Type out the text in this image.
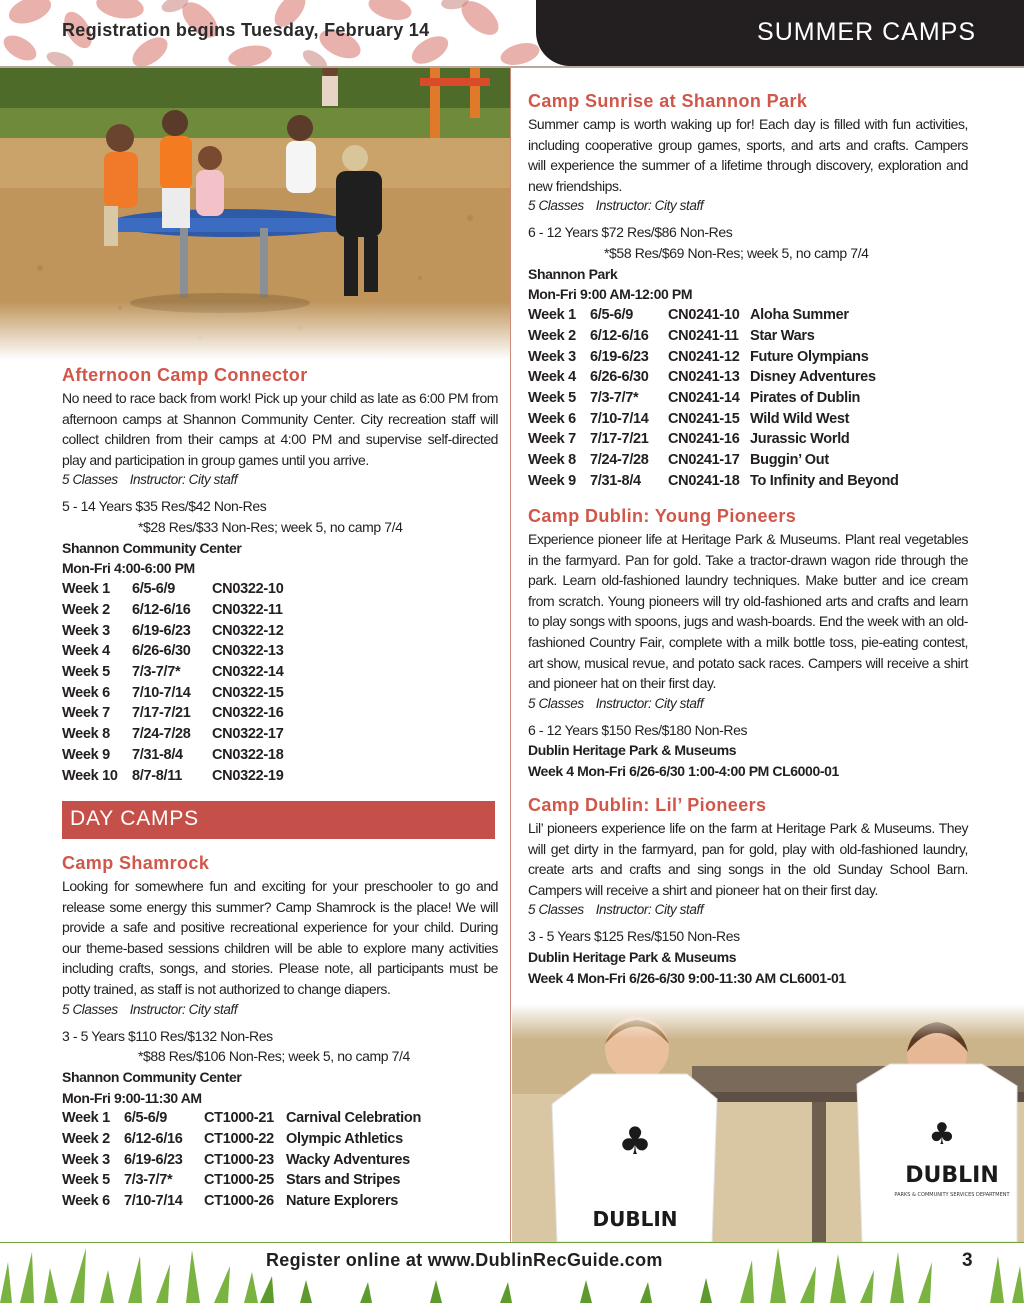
Registration begins Tuesday, February 14	SUMMER CAMPS
Afternoon Camp Connector

No need to race back from work! Pick up your child as late as 6:00 PM from afternoon camps at Shannon Community Center. City recreation staff will collect children from their camps at 4:00 PM and supervise self-directed play and participation in group games until you arrive.

5 Classes Instructor: City staff

5 - 14 Years $35 Res/$42 Non-Res

*$28 Res/$33 Non-Res; week 5, no camp 7/4

Shannon Community Center

Mon-Fri 4:00-6:00 PM

Week 1 6/5-6/9	CN0322-10
Week 2 6/12-6/16 CN0322-11
Week 3 6/19-6/23 CN0322-12
Week 4 6/26-6/30 CN0322-13
Week 5 7/3-7/7* CN0322-14
Week 6 7/10-7/14 CN0322-15
Week 7 7/17-7/21 CN0322-16
Week 8 7/24-7/28 CN0322-17
Week 9 7/31-8/4 CN0322-18
Week 10 8/7-8/11 CN0322-19
DAY CAMPS
Camp Shamrock

Looking for somewhere fun and exciting for your preschooler to go and release some energy this summer? Camp Shamrock is the place! We will provide a safe and positive recreational experience for your child. During our theme-based sessions children will be able to explore many activities including crafts, songs, and stories. Please note, all participants must be potty trained, as staff is not authorized to change diapers.

5 Classes Instructor: City staff

3 - 5 Years $110 Res/$132 Non-Res

*$88 Res/$106 Non-Res; week 5, no camp 7/4

Shannon Community Center

Mon-Fri 9:00-11:30 AM

Week 1 6/5-6/9	CT1000-21 Carnival Celebration
Week 2 6/12-6/16 CT1000-22 Olympic Athletics
Week 3 6/19-6/23 CT1000-23 Wacky Adventures
Week 5 7/3-7/7* CT1000-25 Stars and Stripes
Week 6 7/10-7/14 CT1000-26 Nature Explorers
Camp Sunrise at Shannon Park

Summer camp is worth waking up for! Each day is filled with fun activities, including cooperative group games, sports, and arts and crafts. Campers will experience the summer of a lifetime through discovery, exploration and new friendships.

5 Classes Instructor: City staff

6 - 12 Years $72 Res/$86 Non-Res

*$58 Res/$69 Non-Res; week 5, no camp 7/4

Shannon Park

Mon-Fri 9:00 AM-12:00 PM

Week 1 6/5-6/9 CN0241-10 Aloha Summer
Week 2 6/12-6/16 CN0241-11 Star Wars
Week 3 6/19-6/23 CN0241-12 Future Olympians
Week 4 6/26-6/30 CN0241-13 Disney Adventures
Week 5 7/3-7/7* CN0241-14 Pirates of Dublin
Week 6 7/10-7/14 CN0241-15 Wild Wild West
Week 7 7/17-7/21 CN0241-16 Jurassic World
Week 8 7/24-7/28 CN0241-17 Buggin’ Out
Week 9 7/31-8/4 CN0241-18 To Infinity and Beyond
Camp Dublin: Young Pioneers

Experience pioneer life at Heritage Park & Museums. Plant real vegetables in the farmyard. Pan for gold. Take a tractor-drawn wagon ride through the park. Learn old-fashioned laundry techniques. Make butter and ice cream from scratch. Young pioneers will try old-fashioned arts and crafts and learn to play songs with spoons, jugs and wash-boards. End the week with an old-fashioned Country Fair, complete with a milk bottle toss, pie-eating contest, art show, musical revue, and potato sack races. Campers will receive a shirt and pioneer hat on their first day.

5 Classes Instructor: City staff

6 - 12 Years $150 Res/$180 Non-Res

Dublin Heritage Park & Museums

Week 4 Mon-Fri 6/26-6/30 1:00-4:00 PM CL6000-01

Camp Dublin: Lil’ Pioneers

Lil’ pioneers experience life on the farm at Heritage Park & Museums. They will get dirty in the farmyard, pan for gold, play with old-fashioned laundry, create arts and crafts and sing songs in the old Sunday School Barn. Campers will receive a shirt and pioneer hat on their first day.

5 Classes Instructor: City staff

3 - 5 Years $125 Res/$150 Non-Res

Dublin Heritage Park & Museums

Week 4 Mon-Fri 6/26-6/30 9:00-11:30 AM CL6001-01

Register online at www.DublinRecGuide.com	3
